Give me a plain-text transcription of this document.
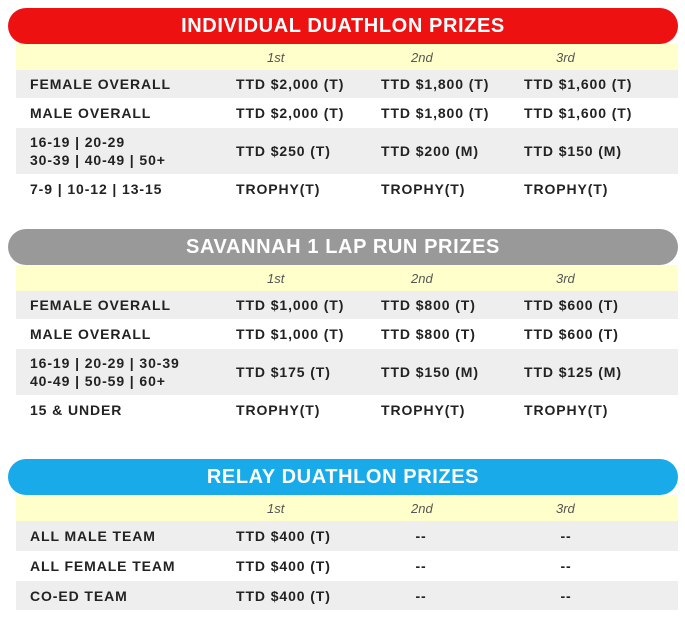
INDIVIDUAL DUATHLON PRIZES
1st	2nd	3rd
FEMALE OVERALL	TTD $2,000 (T)	TTD $1,800 (T) TTD $1,600 (T)
MALE OVERALL	TTD $2,000 (T)	TTD $1,800 (T) TTD $1,600 (T)
16-19 | 20-29
30-39 | 40-49 | 50+
TTD $250 (T)	TTD $200 (M)	TTD $150 (M)
7-9 | 10-12 | 13-15	TROPHY(T)	TROPHY(T)	TROPHY(T)
SAVANNAH 1 LAP RUN PRIZES
1st	2nd	3rd
FEMALE OVERALL	TTD $1,000 (T)	TTD $800 (T)	TTD $600 (T)
MALE OVERALL	TTD $1,000 (T)	TTD $800 (T)	TTD $600 (T)
16-19 | 20-29 | 30-39
40-49 | 50-59 | 60+
TTD $175 (T)	TTD $150 (M)	TTD $125 (M)
15 & UNDER	TROPHY(T)	TROPHY(T)	TROPHY(T)
RELAY DUATHLON PRIZES
1st	2nd	3rd
ALL MALE TEAM	TTD $400 (T)	--	--
ALL FEMALE TEAM	TTD $400 (T)	--	--
CO-ED TEAM	TTD $400 (T)	--	--
